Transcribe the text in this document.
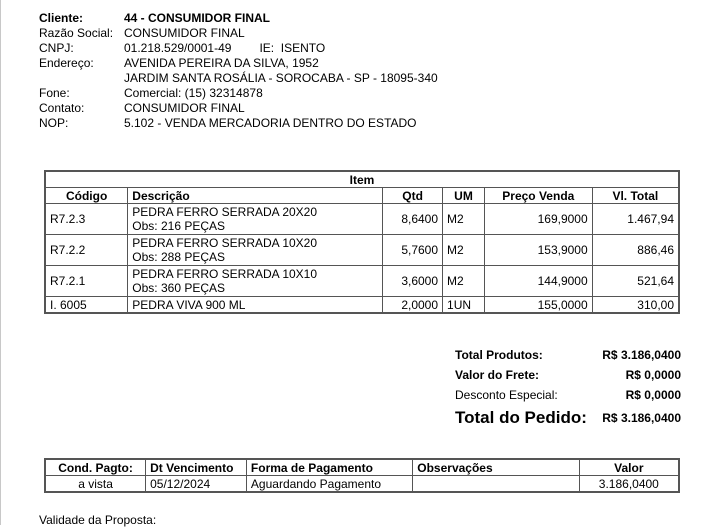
Cliente:	44 - CONSUMIDOR FINAL
Razão Social: CONSUMIDOR FINAL
CNPJ:	01.218.529/0001-49 IE: ISENTO
Endereço:	AVENIDA PEREIRA DA SILVA, 1952
JARDIM SANTA ROSÁLIA - SOROCABA - SP - 18095-340
Fone:	Comercial: (15) 32314878
Contato:	CONSUMIDOR FINAL
NOP:	5.102 - VENDA MERCADORIA DENTRO DO ESTADO
Item					
Código	Descrição	Qtd	UM	Preço Venda	Vl. Total
R7.2.3	PEDRA FERRO SERRADA 20X20
Obs: 216 PEÇAS	8,6400	M2	169,9000	1.467,94
R7.2.2	PEDRA FERRO SERRADA 10X20
Obs: 288 PEÇAS	5,7600	M2	153,9000	886,46
R7.2.1	PEDRA FERRO SERRADA 10X10
Obs: 360 PEÇAS	3,6000	M2	144,9000	521,64
I. 6005	PEDRA VIVA 900 ML	2,0000	1UN	155,0000	310,00
Total Produtos:	R$ 3.186,0400
Valor do Frete:	R$ 0,0000
Desconto Especial:	R$ 0,0000
Total do Pedido: R$ 3.186,0400
Cond. Pagto:	Dt Vencimento	Forma de Pagamento	Observações	Valor
a vista	05/12/2024	Aguardando Pagamento		3.186,0400
Validade da Proposta:
